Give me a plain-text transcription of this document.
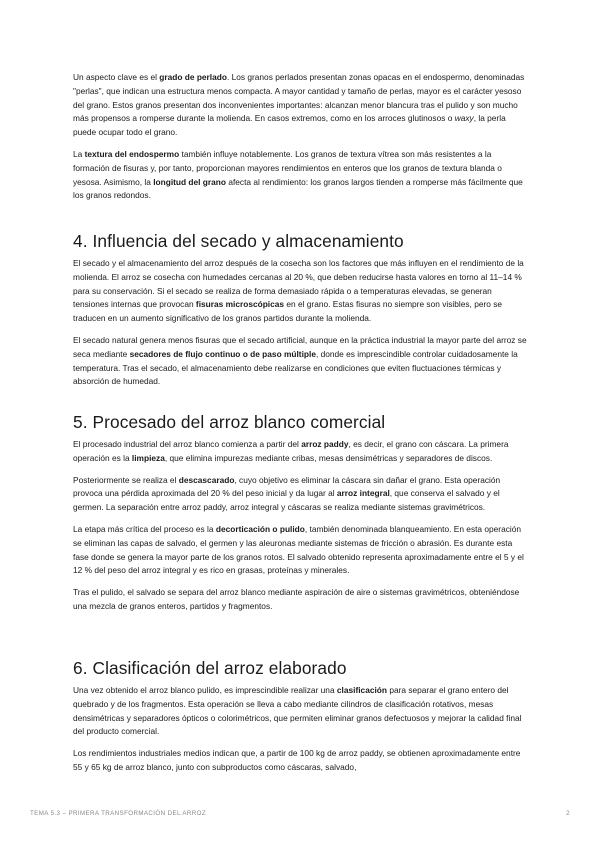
Un aspecto clave es el grado de perlado. Los granos perlados presentan zonas opacas en el endospermo, denominadas "perlas", que indican una estructura menos compacta. A mayor cantidad y tamaño de perlas, mayor es el carácter yesoso del grano. Estos granos presentan dos inconvenientes importantes: alcanzan menor blancura tras el pulido y son mucho más propensos a romperse durante la molienda. En casos extremos, como en los arroces glutinosos o waxy, la perla puede ocupar todo el grano.

La textura del endospermo también influye notablemente. Los granos de textura vítrea son más resistentes a la formación de fisuras y, por tanto, proporcionan mayores rendimientos en enteros que los granos de textura blanda o yesosa. Asimismo, la longitud del grano afecta al rendimiento: los granos largos tienden a romperse más fácilmente que los granos redondos.

4. Influencia del secado y almacenamiento

El secado y el almacenamiento del arroz después de la cosecha son los factores que más influyen en el rendimiento de la molienda. El arroz se cosecha con humedades cercanas al 20 %, que deben reducirse hasta valores en torno al 11–14 % para su conservación. Si el secado se realiza de forma demasiado rápida o a temperaturas elevadas, se generan tensiones internas que provocan fisuras microscópicas en el grano. Estas fisuras no siempre son visibles, pero se traducen en un aumento significativo de los granos partidos durante la molienda.

El secado natural genera menos fisuras que el secado artificial, aunque en la práctica industrial la mayor parte del arroz se seca mediante secadores de flujo continuo o de paso múltiple, donde es imprescindible controlar cuidadosamente la temperatura. Tras el secado, el almacenamiento debe realizarse en condiciones que eviten fluctuaciones térmicas y absorción de humedad.

5. Procesado del arroz blanco comercial

El procesado industrial del arroz blanco comienza a partir del arroz paddy, es decir, el grano con cáscara. La primera operación es la limpieza, que elimina impurezas mediante cribas, mesas densimétricas y separadores de discos.

Posteriormente se realiza el descascarado, cuyo objetivo es eliminar la cáscara sin dañar el grano. Esta operación provoca una pérdida aproximada del 20 % del peso inicial y da lugar al arroz integral, que conserva el salvado y el germen. La separación entre arroz paddy, arroz integral y cáscaras se realiza mediante sistemas gravimétricos.

La etapa más crítica del proceso es la decorticación o pulido, también denominada blanqueamiento. En esta operación se eliminan las capas de salvado, el germen y las aleuronas mediante sistemas de fricción o abrasión. Es durante esta fase donde se genera la mayor parte de los granos rotos. El salvado obtenido representa aproximadamente entre el 5 y el 12 % del peso del arroz integral y es rico en grasas, proteínas y minerales.

Tras el pulido, el salvado se separa del arroz blanco mediante aspiración de aire o sistemas gravimétricos, obteniéndose una mezcla de granos enteros, partidos y fragmentos.

6. Clasificación del arroz elaborado

Una vez obtenido el arroz blanco pulido, es imprescindible realizar una clasificación para separar el grano entero del quebrado y de los fragmentos. Esta operación se lleva a cabo mediante cilindros de clasificación rotativos, mesas densimétricas y separadores ópticos o colorimétricos, que permiten eliminar granos defectuosos y mejorar la calidad final del producto comercial.

Los rendimientos industriales medios indican que, a partir de 100 kg de arroz paddy, se obtienen aproximadamente entre 55 y 65 kg de arroz blanco, junto con subproductos como cáscaras, salvado,

TEMA 5.3 – PRIMERA TRANSFORMACIÓN DEL ARROZ	2
